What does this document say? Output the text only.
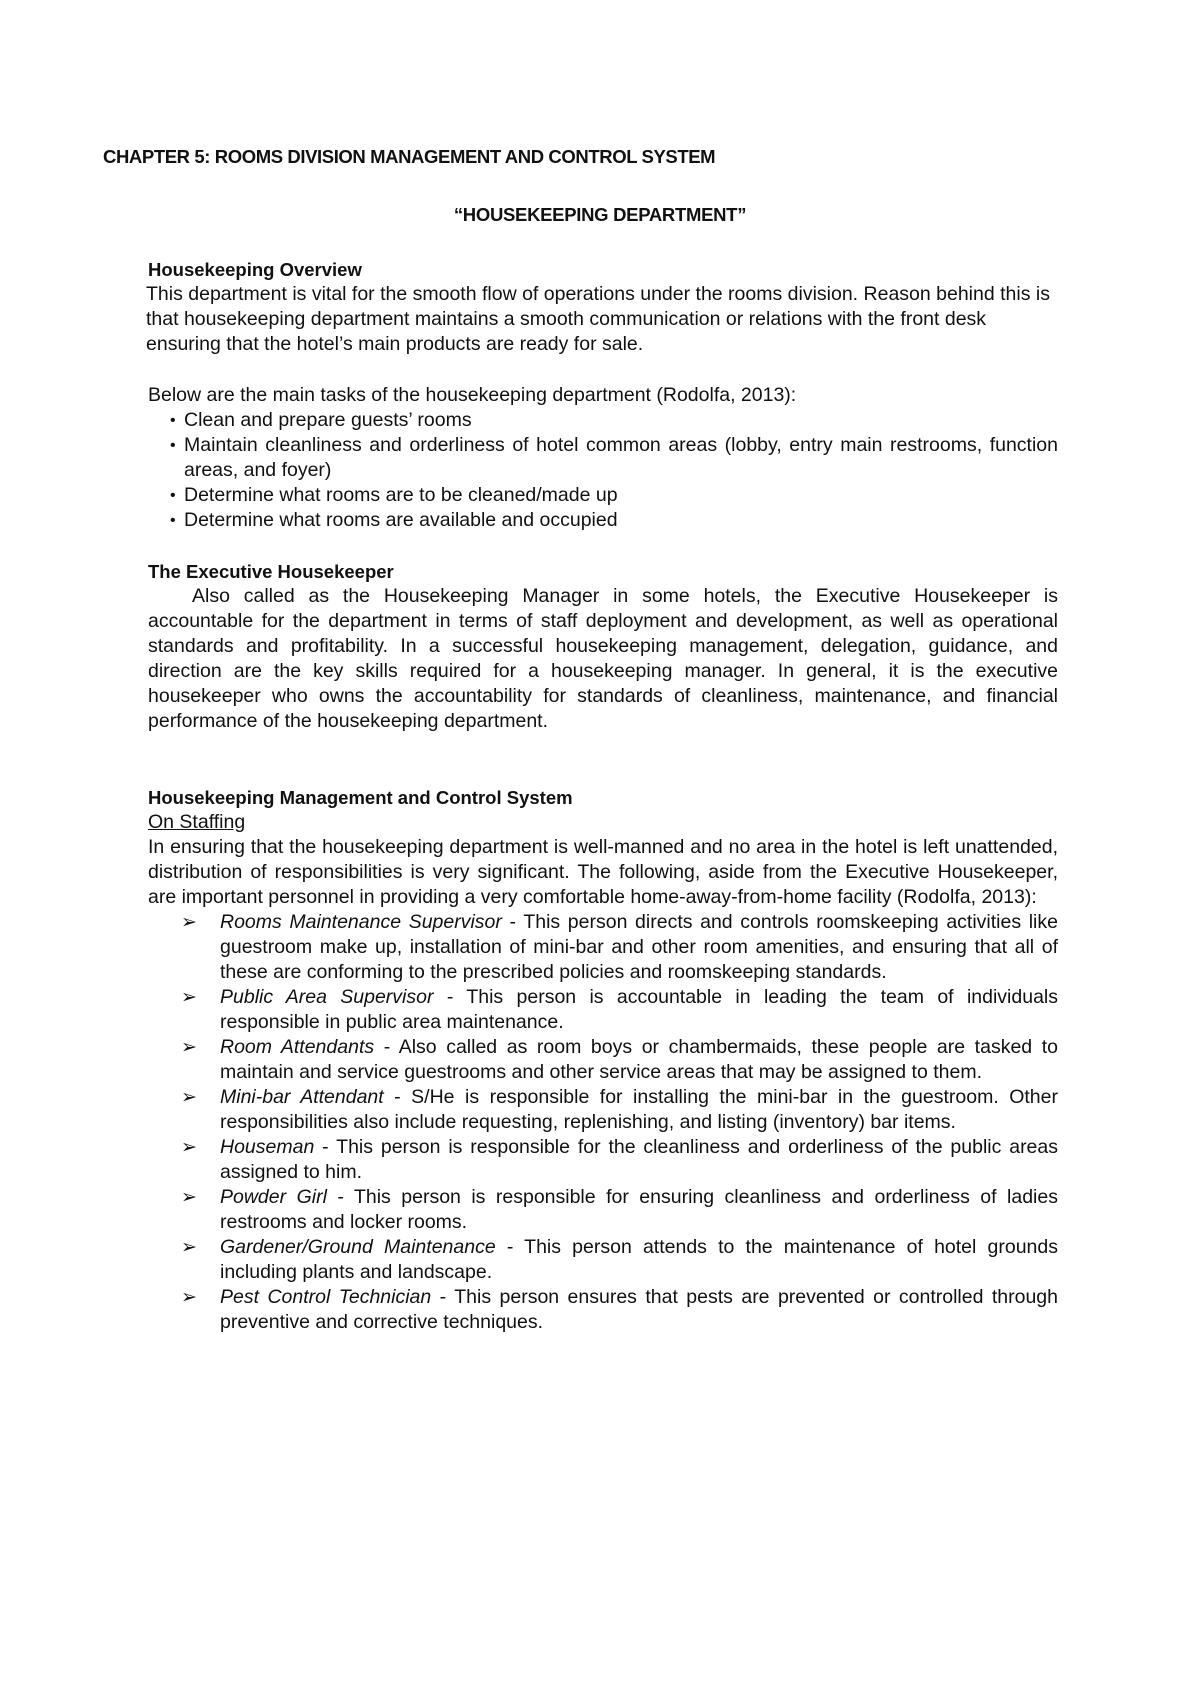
CHAPTER 5: ROOMS DIVISION MANAGEMENT AND CONTROL SYSTEM
“HOUSEKEEPING DEPARTMENT”
Housekeeping Overview

This department is vital for the smooth flow of operations under the rooms division. Reason behind this is that housekeeping department maintains a smooth communication or relations with the front desk ensuring that the hotel’s main products are ready for sale.

Below are the main tasks of the housekeeping department (Rodolfa, 2013):

• Clean and prepare guests’ rooms
• Maintain cleanliness and orderliness of hotel common areas (lobby, entry main restrooms, function areas, and foyer)
• Determine what rooms are to be cleaned/made up
• Determine what rooms are available and occupied
The Executive Housekeeper

Also called as the Housekeeping Manager in some hotels, the Executive Housekeeper is accountable for the department in terms of staff deployment and development, as well as operational standards and profitability. In a successful housekeeping management, delegation, guidance, and direction are the key skills required for a housekeeping manager. In general, it is the executive housekeeper who owns the accountability for standards of cleanliness, maintenance, and financial performance of the housekeeping department.

Housekeeping Management and Control System
On Staffing

In ensuring that the housekeeping department is well-manned and no area in the hotel is left unattended, distribution of responsibilities is very significant. The following, aside from the Executive Housekeeper, are important personnel in providing a very comfortable home-away-from-home facility (Rodolfa, 2013):

➢ Rooms Maintenance Supervisor - This person directs and controls roomskeeping activities like guestroom make up, installation of mini-bar and other room amenities, and ensuring that all of these are conforming to the prescribed policies and roomskeeping standards.
➢ Public Area Supervisor - This person is accountable in leading the team of individuals responsible in public area maintenance.
➢ Room Attendants - Also called as room boys or chambermaids, these people are tasked to maintain and service guestrooms and other service areas that may be assigned to them.
➢ Mini-bar Attendant - S/He is responsible for installing the mini-bar in the guestroom. Other responsibilities also include requesting, replenishing, and listing (inventory) bar items.
➢ Houseman - This person is responsible for the cleanliness and orderliness of the public areas assigned to him.
➢ Powder Girl - This person is responsible for ensuring cleanliness and orderliness of ladies restrooms and locker rooms.
➢ Gardener/Ground Maintenance - This person attends to the maintenance of hotel grounds including plants and landscape.
➢ Pest Control Technician - This person ensures that pests are prevented or controlled through preventive and corrective techniques.
